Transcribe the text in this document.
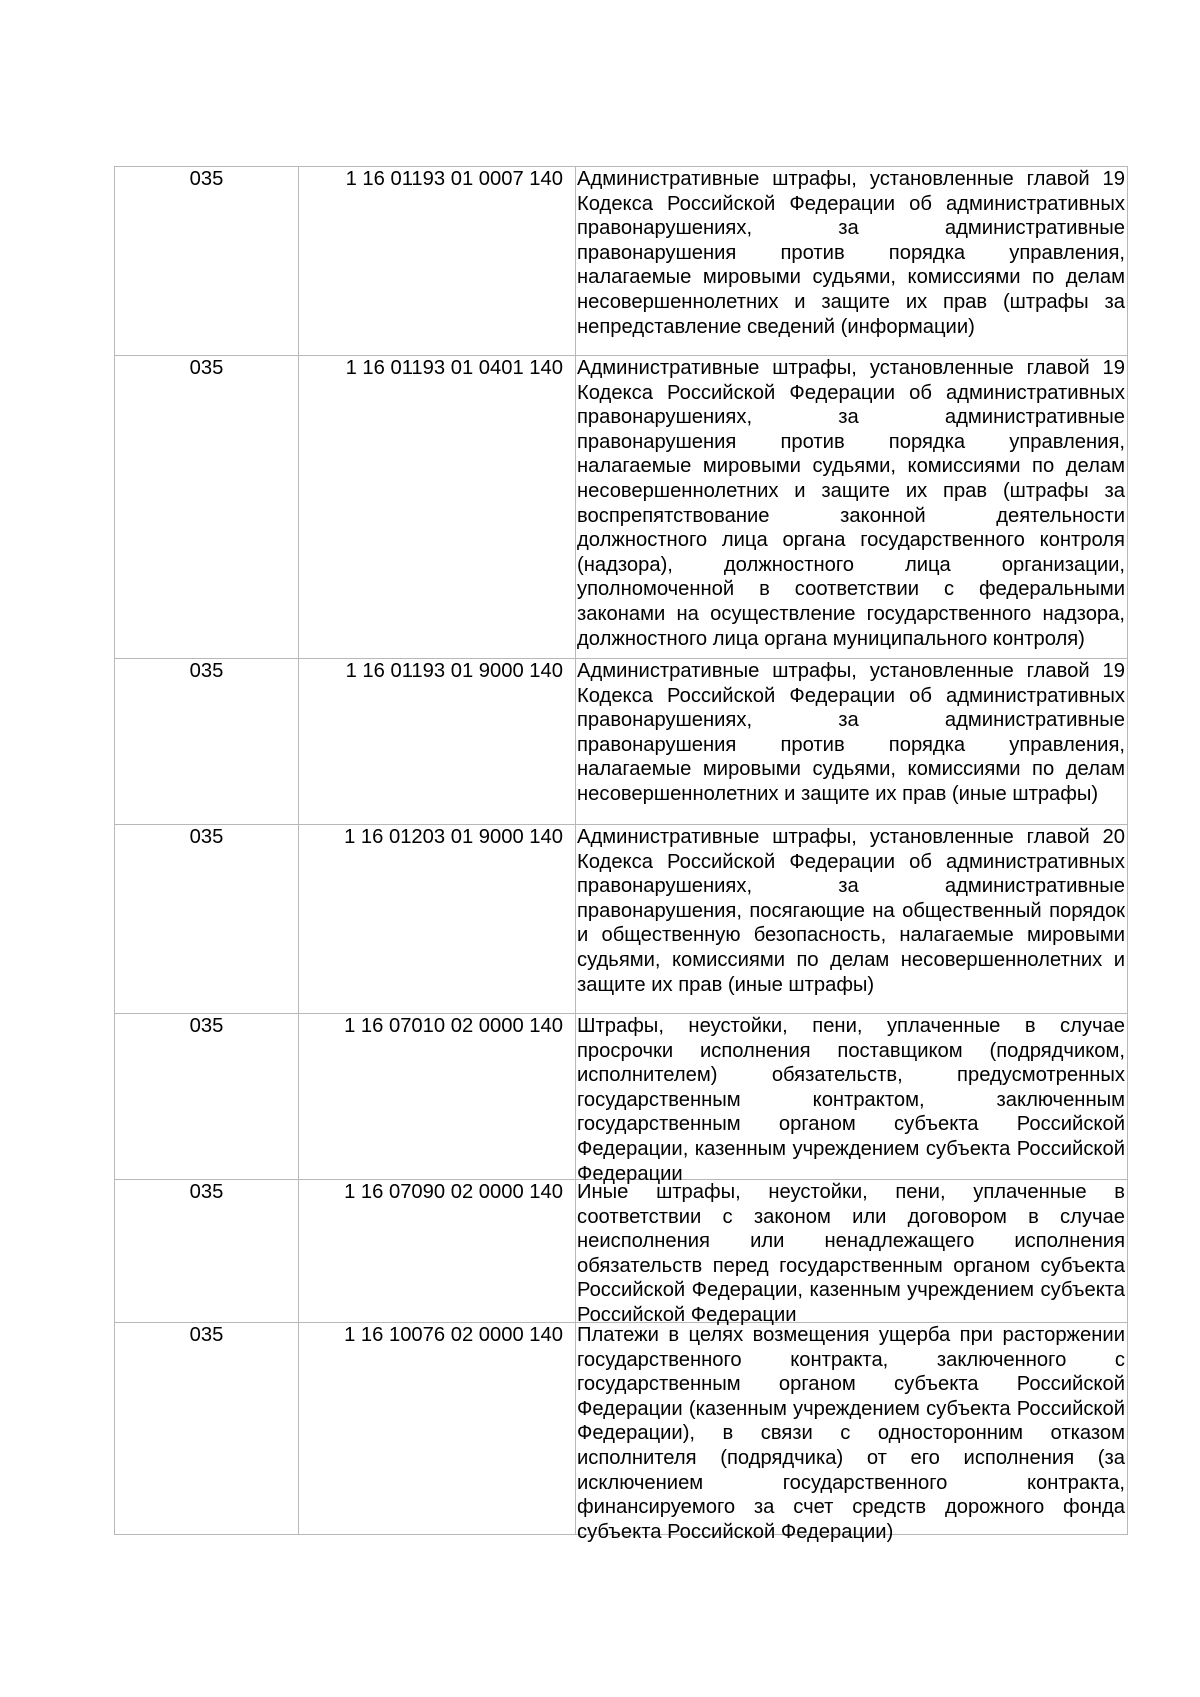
035	1 16 01193 01 0007 140	Административные штрафы, установленные главой 19 Кодекса Российской Федерации об административных правонарушениях, за административные правонарушения против порядка управления, налагаемые мировыми судьями, комиссиями по делам несовершеннолетних и защите их прав (штрафы за непредставление сведений (информации)

035	1 16 01193 01 0401 140	Административные штрафы, установленные главой 19 Кодекса Российской Федерации об административных правонарушениях, за административные правонарушения против порядка управления, налагаемые мировыми судьями, комиссиями по делам несовершеннолетних и защите их прав (штрафы за воспрепятствование законной деятельности должностного лица органа государственного контроля (надзора), должностного лица организации, уполномоченной в соответствии с федеральными законами на осуществление государственного надзора, должностного лица органа муниципального контроля)

035	1 16 01193 01 9000 140	Административные штрафы, установленные главой 19 Кодекса Российской Федерации об административных правонарушениях, за административные правонарушения против порядка управления, налагаемые мировыми судьями, комиссиями по делам несовершеннолетних и защите их прав (иные штрафы)

035	1 16 01203 01 9000 140	Административные штрафы, установленные главой 20 Кодекса Российской Федерации об административных правонарушениях, за административные правонарушения, посягающие на общественный порядок и общественную безопасность, налагаемые мировыми судьями, комиссиями по делам несовершеннолетних и защите их прав (иные штрафы)

035	1 16 07010 02 0000 140	Штрафы, неустойки, пени, уплаченные в случае просрочки исполнения поставщиком (подрядчиком, исполнителем) обязательств, предусмотренных государственным контрактом, заключенным государственным органом субъекта Российской Федерации, казенным учреждением субъекта Российской Федерации

035	1 16 07090 02 0000 140	Иные штрафы, неустойки, пени, уплаченные в соответствии с законом или договором в случае неисполнения или ненадлежащего исполнения обязательств перед государственным органом субъекта Российской Федерации, казенным учреждением субъекта Российской Федерации

035	1 16 10076 02 0000 140	Платежи в целях возмещения ущерба при расторжении государственного контракта, заключенного с государственным органом субъекта Российской Федерации (казенным учреждением субъекта Российской Федерации), в связи с односторонним отказом исполнителя (подрядчика) от его исполнения (за исключением государственного контракта, финансируемого за счет средств дорожного фонда субъекта Российской Федерации)
